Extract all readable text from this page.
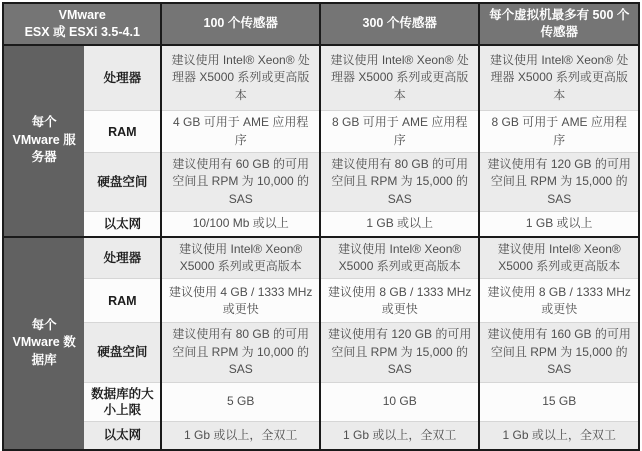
VMware
ESX 或 ESXi 3.5-4.1		100 个传感器	300 个传感器	每个虚拟机最多有 500 个传感器
每个 VMware 服务器	处理器	建议使用 Intel® Xeon® 处理器 X5000 系列或更高版本	建议使用 Intel® Xeon® 处理器 X5000 系列或更高版本	建议使用 Intel® Xeon® 处理器 X5000 系列或更高版本
	RAM	4 GB 可用于 AME 应用程序	8 GB 可用于 AME 应用程序	8 GB 可用于 AME 应用程序
	硬盘空间	建议使用有 60 GB 的可用空间且 RPM 为 10,000 的 SAS	建议使用有 80 GB 的可用空间且 RPM 为 15,000 的 SAS	建议使用有 120 GB 的可用空间且 RPM 为 15,000 的 SAS
	以太网	10/100 Mb 或以上	1 GB 或以上	1 GB 或以上
每个 VMware 数据库	处理器	建议使用 Intel® Xeon® X5000 系列或更高版本	建议使用 Intel® Xeon® X5000 系列或更高版本	建议使用 Intel® Xeon® X5000 系列或更高版本
	RAM	建议使用 4 GB / 1333 MHz 或更快	建议使用 8 GB / 1333 MHz 或更快	建议使用 8 GB / 1333 MHz 或更快
	硬盘空间	建议使用有 80 GB 的可用空间且 RPM 为 10,000 的 SAS	建议使用有 120 GB 的可用空间且 RPM 为 15,000 的 SAS	建议使用有 160 GB 的可用空间且 RPM 为 15,000 的 SAS
	数据库的大小上限	5 GB	10 GB	15 GB
	以太网	1 Gb 或以上，全双工	1 Gb 或以上，全双工	1 Gb 或以上，全双工
